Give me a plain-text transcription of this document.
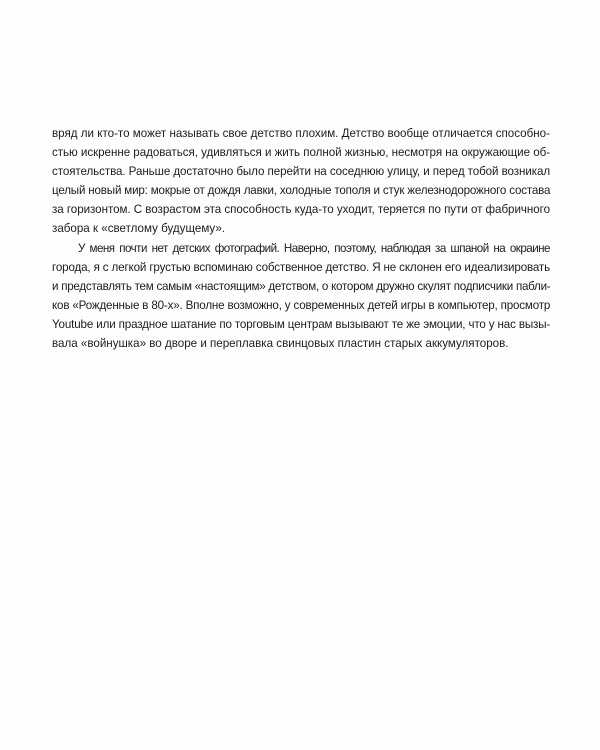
вряд ли кто-то может называть свое детство плохим. Детство вообще отличается способно-
стью искренне радоваться, удивляться и жить полной жизнью, несмотря на окружающие об-
стоятельства. Раньше достаточно было перейти на соседнюю улицу, и перед тобой возникал
целый новый мир: мокрые от дождя лавки, холодные тополя и стук железнодорожного состава
за горизонтом. С возрастом эта способность куда-то уходит, теряется по пути от фабричного
забора к «светлому будущему».
У меня почти нет детских фотографий. Наверно, поэтому, наблюдая за шпаной на окраине
города, я с легкой грустью вспоминаю собственное детство. Я не склонен его идеализировать
и представлять тем самым «настоящим» детством, о котором дружно скулят подписчики пабли-
ков «Рожденные в 80-х». Вполне возможно, у современных детей игры в компьютер, просмотр
Youtube или праздное шатание по торговым центрам вызывают те же эмоции, что у нас вызы-
вала «войнушка» во дворе и переплавка свинцовых пластин старых аккумуляторов.
